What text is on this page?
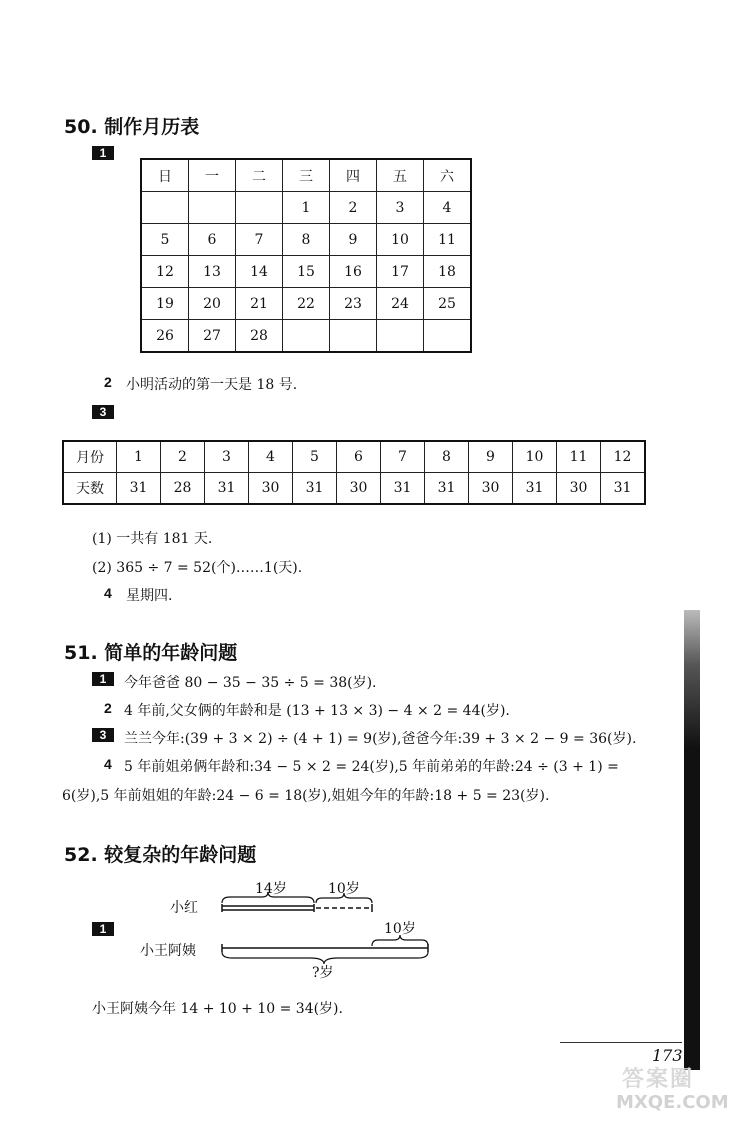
50. 制作月历表
1
日	一	二	三	四	五	六
			1	2	3	4
5	6	7	8	9	10	11
12	13	14	15	16	17	18
19	20	21	22	23	24	25
26	27	28				
2 小明活动的第一天是 18 号.
3
月份	1	2	3	4	5	6	7	8	9	10	11	12
天数	31	28	31	30	31	30	31	31	30	31	30	31
(1) 一共有 181 天.
(2) 365 ÷ 7 = 52(个)……1(天).
4 星期四.
51. 简单的年龄问题
1	今年爸爸 80 − 35 − 35 ÷ 5 = 38(岁).
2 4 年前,父女俩的年龄和是 (13 + 13 × 3) − 4 × 2 = 44(岁).
3	兰兰今年:(39 + 3 × 2) ÷ (4 + 1) = 9(岁),爸爸今年:39 + 3 × 2 − 9 = 36(岁).
4 5 年前姐弟俩年龄和:34 − 5 × 2 = 24(岁),5 年前弟弟的年龄:24 ÷ (3 + 1) =
6(岁),5 年前姐姐的年龄:24 − 6 = 18(岁),姐姐今年的年龄:18 + 5 = 23(岁).
52. 较复杂的年龄问题
1
小红
小王阿姨
14岁	10岁
10岁
?岁
小王阿姨今年 14 + 10 + 10 = 34(岁).
173
答案圈
MXQE.COM
